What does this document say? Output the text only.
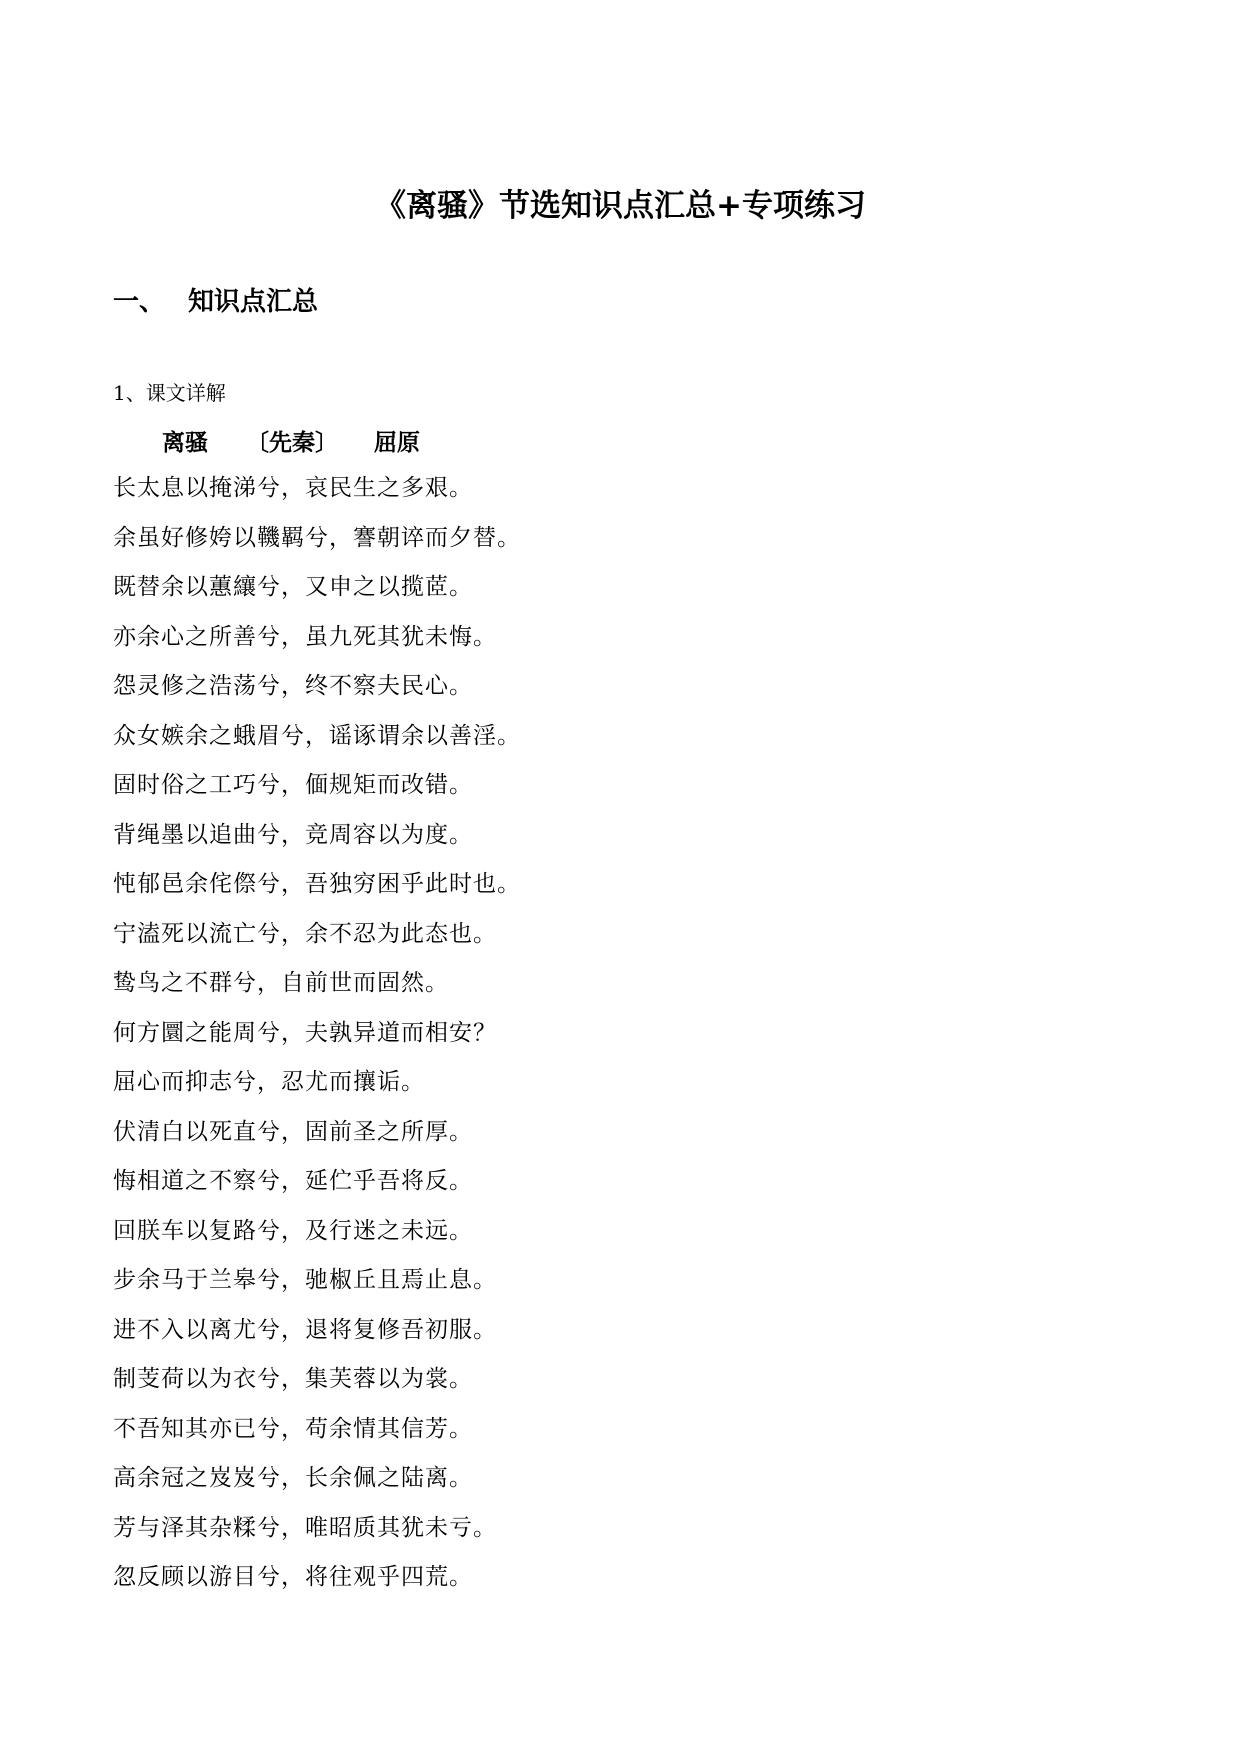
《离骚》节选知识点汇总+专项练习
一、 知识点汇总
1、课文详解
离骚 〔先秦〕 屈原
长太息以掩涕兮，哀民生之多艰。
余虽好修姱以鞿羁兮，謇朝谇而夕替。
既替余以蕙纕兮，又申之以揽茝。
亦余心之所善兮，虽九死其犹未悔。
怨灵修之浩荡兮，终不察夫民心。
众女嫉余之蛾眉兮，谣诼谓余以善淫。
固时俗之工巧兮，偭规矩而改错。
背绳墨以追曲兮，竞周容以为度。
忳郁邑余侘傺兮，吾独穷困乎此时也。
宁溘死以流亡兮，余不忍为此态也。
鸷鸟之不群兮，自前世而固然。
何方圜之能周兮，夫孰异道而相安？
屈心而抑志兮，忍尤而攘诟。
伏清白以死直兮，固前圣之所厚。
悔相道之不察兮，延伫乎吾将反。
回朕车以复路兮，及行迷之未远。
步余马于兰皋兮，驰椒丘且焉止息。
进不入以离尤兮，退将复修吾初服。
制芰荷以为衣兮，集芙蓉以为裳。
不吾知其亦已兮，苟余情其信芳。
高余冠之岌岌兮，长余佩之陆离。
芳与泽其杂糅兮，唯昭质其犹未亏。
忽反顾以游目兮，将往观乎四荒。
